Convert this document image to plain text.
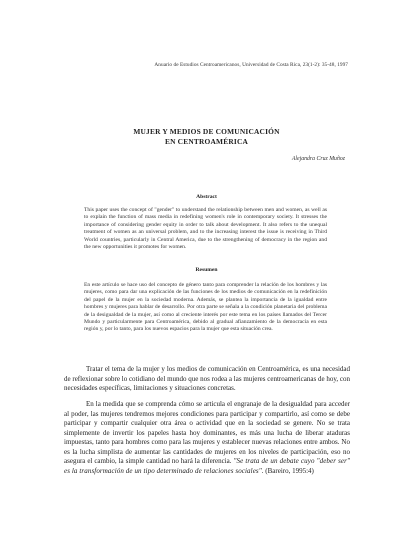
Anuario de Estudios Centroamericanos, Universidad de Costa Rica, 23(1-2): 35-48, 1997
MUJER Y MEDIOS DE COMUNICACIÓN
EN CENTROAMÉRICA
Alejandra Cruz Muñoz
Abstract
This paper uses the concept of "gender" to understand the relationship between men and women, as well as to explain the function of mass media in redefining women's role in contemporary society. It stresses the importance of considering gender equity in order to talk about development. It also refers to the unequal treatment of women as an universal problem, and to the increasing interest the issue is receiving in Third World countries, particularly in Central America, due to the strengthening of democracy in the region and the new opportunities it promotes for women.
Resumen
En este artículo se hace uso del concepto de género tanto para comprender la relación de los hombres y las mujeres, como para dar una explicación de las funciones de los medios de comunicación en la redefinición del papel de la mujer en la sociedad moderna. Además, se plantea la importancia de la igualdad entre hombres y mujeres para hablar de desarrollo. Por otra parte se señala a la condición planetaria del problema de la desigualdad de la mujer, así como al creciente interés por este tema en los países llamados del Tercer Mundo y particularmente para Centroamérica, debido al gradual afianzamiento de la democracia en esta región y, por lo tanto, para los nuevos espacios para la mujer que esta situación crea.
Tratar el tema de la mujer y los medios de comunicación en Centroamérica, es una necesidad de reflexionar sobre lo cotidiano del mundo que nos rodea a las mujeres centroamericanas de hoy, con necesidades específicas, limitaciones y situaciones concretas.
En la medida que se comprenda cómo se articula el engranaje de la desigualdad para acceder al poder, las mujeres tendremos mejores condiciones para participar y compartirlo, así como se debe participar y compartir cualquier otra área o actividad que en la sociedad se genere. No se trata simplemente de invertir los papeles hasta hoy dominantes, es más una lucha de liberar ataduras impuestas, tanto para hombres como para las mujeres y establecer nuevas relaciones entre ambos. No es la lucha simplista de aumentar las cantidades de mujeres en los niveles de participación, eso no asegura el cambio, la simple cantidad no hará la diferencia. "Se trata de un debate cuyo "deber ser" es la transformación de un tipo determinado de relaciones sociales". (Bareiro, 1995:4)
